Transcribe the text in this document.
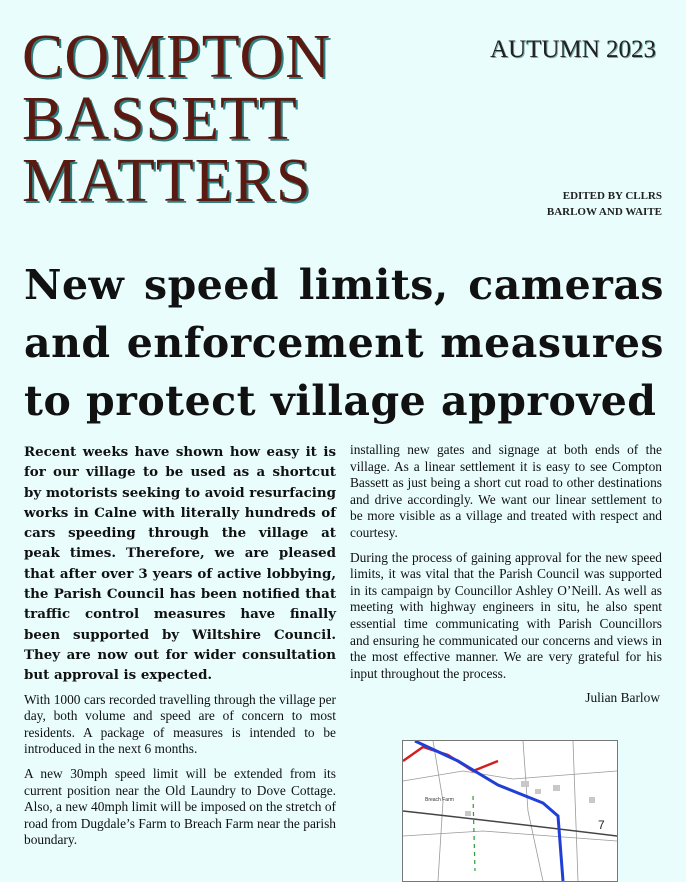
COMPTON
BASSETT
MATTERS
AUTUMN 2023
EDITED BY CLLRS
BARLOW AND WAITE
New speed limits, cameras and enforcement measures to protect village approved

Recent weeks have shown how easy it is for our village to be used as a shortcut by motorists seeking to avoid resurfacing works in Calne with literally hundreds of cars speeding through the village at peak times. Therefore, we are pleased that after over 3 years of active lobbying, the Parish Council has been notified that traffic control measures have finally been supported by Wiltshire Council. They are now out for wider consultation but approval is expected.

With 1000 cars recorded travelling through the village per day, both volume and speed are of concern to most residents. A package of measures is intended to be introduced in the next 6 months.

A new 30mph speed limit will be extended from its current position near the Old Laundry to Dove Cottage. Also, a new 40mph limit will be imposed on the stretch of road from Dugdale’s Farm to Breach Farm near the parish boundary.

installing new gates and signage at both ends of the village. As a linear settlement it is easy to see Compton Bassett as just being a short cut road to other destinations and drive accordingly. We want our linear settlement to be more visible as a village and treated with respect and courtesy.

During the process of gaining approval for the new speed limits, it was vital that the Parish Council was supported in its campaign by Councillor Ashley O’Neill. As well as meeting with highway engineers in situ, he also spent essential time communicating with Parish Councillors and ensuring he communicated our concerns and views in the most effective manner. We are very grateful for his input throughout the process.

Julian Barlow
7
Breach Farm
